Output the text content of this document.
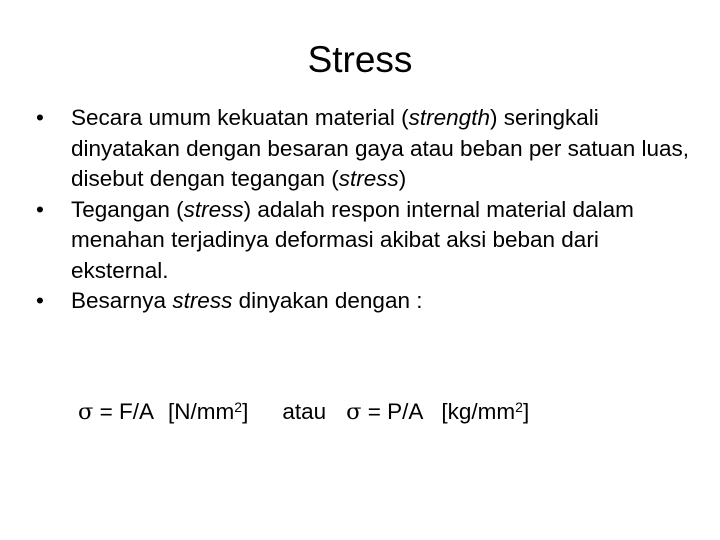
Stress
•	Secara umum kekuatan material (strength) seringkali dinyatakan dengan besaran gaya atau beban per satuan luas, disebut dengan tegangan (stress)
•	Tegangan (stress) adalah respon internal material dalam menahan terjadinya deformasi akibat aksi beban dari eksternal.
•	Besarnya stress dinyakan dengan :
σ = F/A $[N/mm^2]$ atau σ = P/A $[kg/mm^2]$
